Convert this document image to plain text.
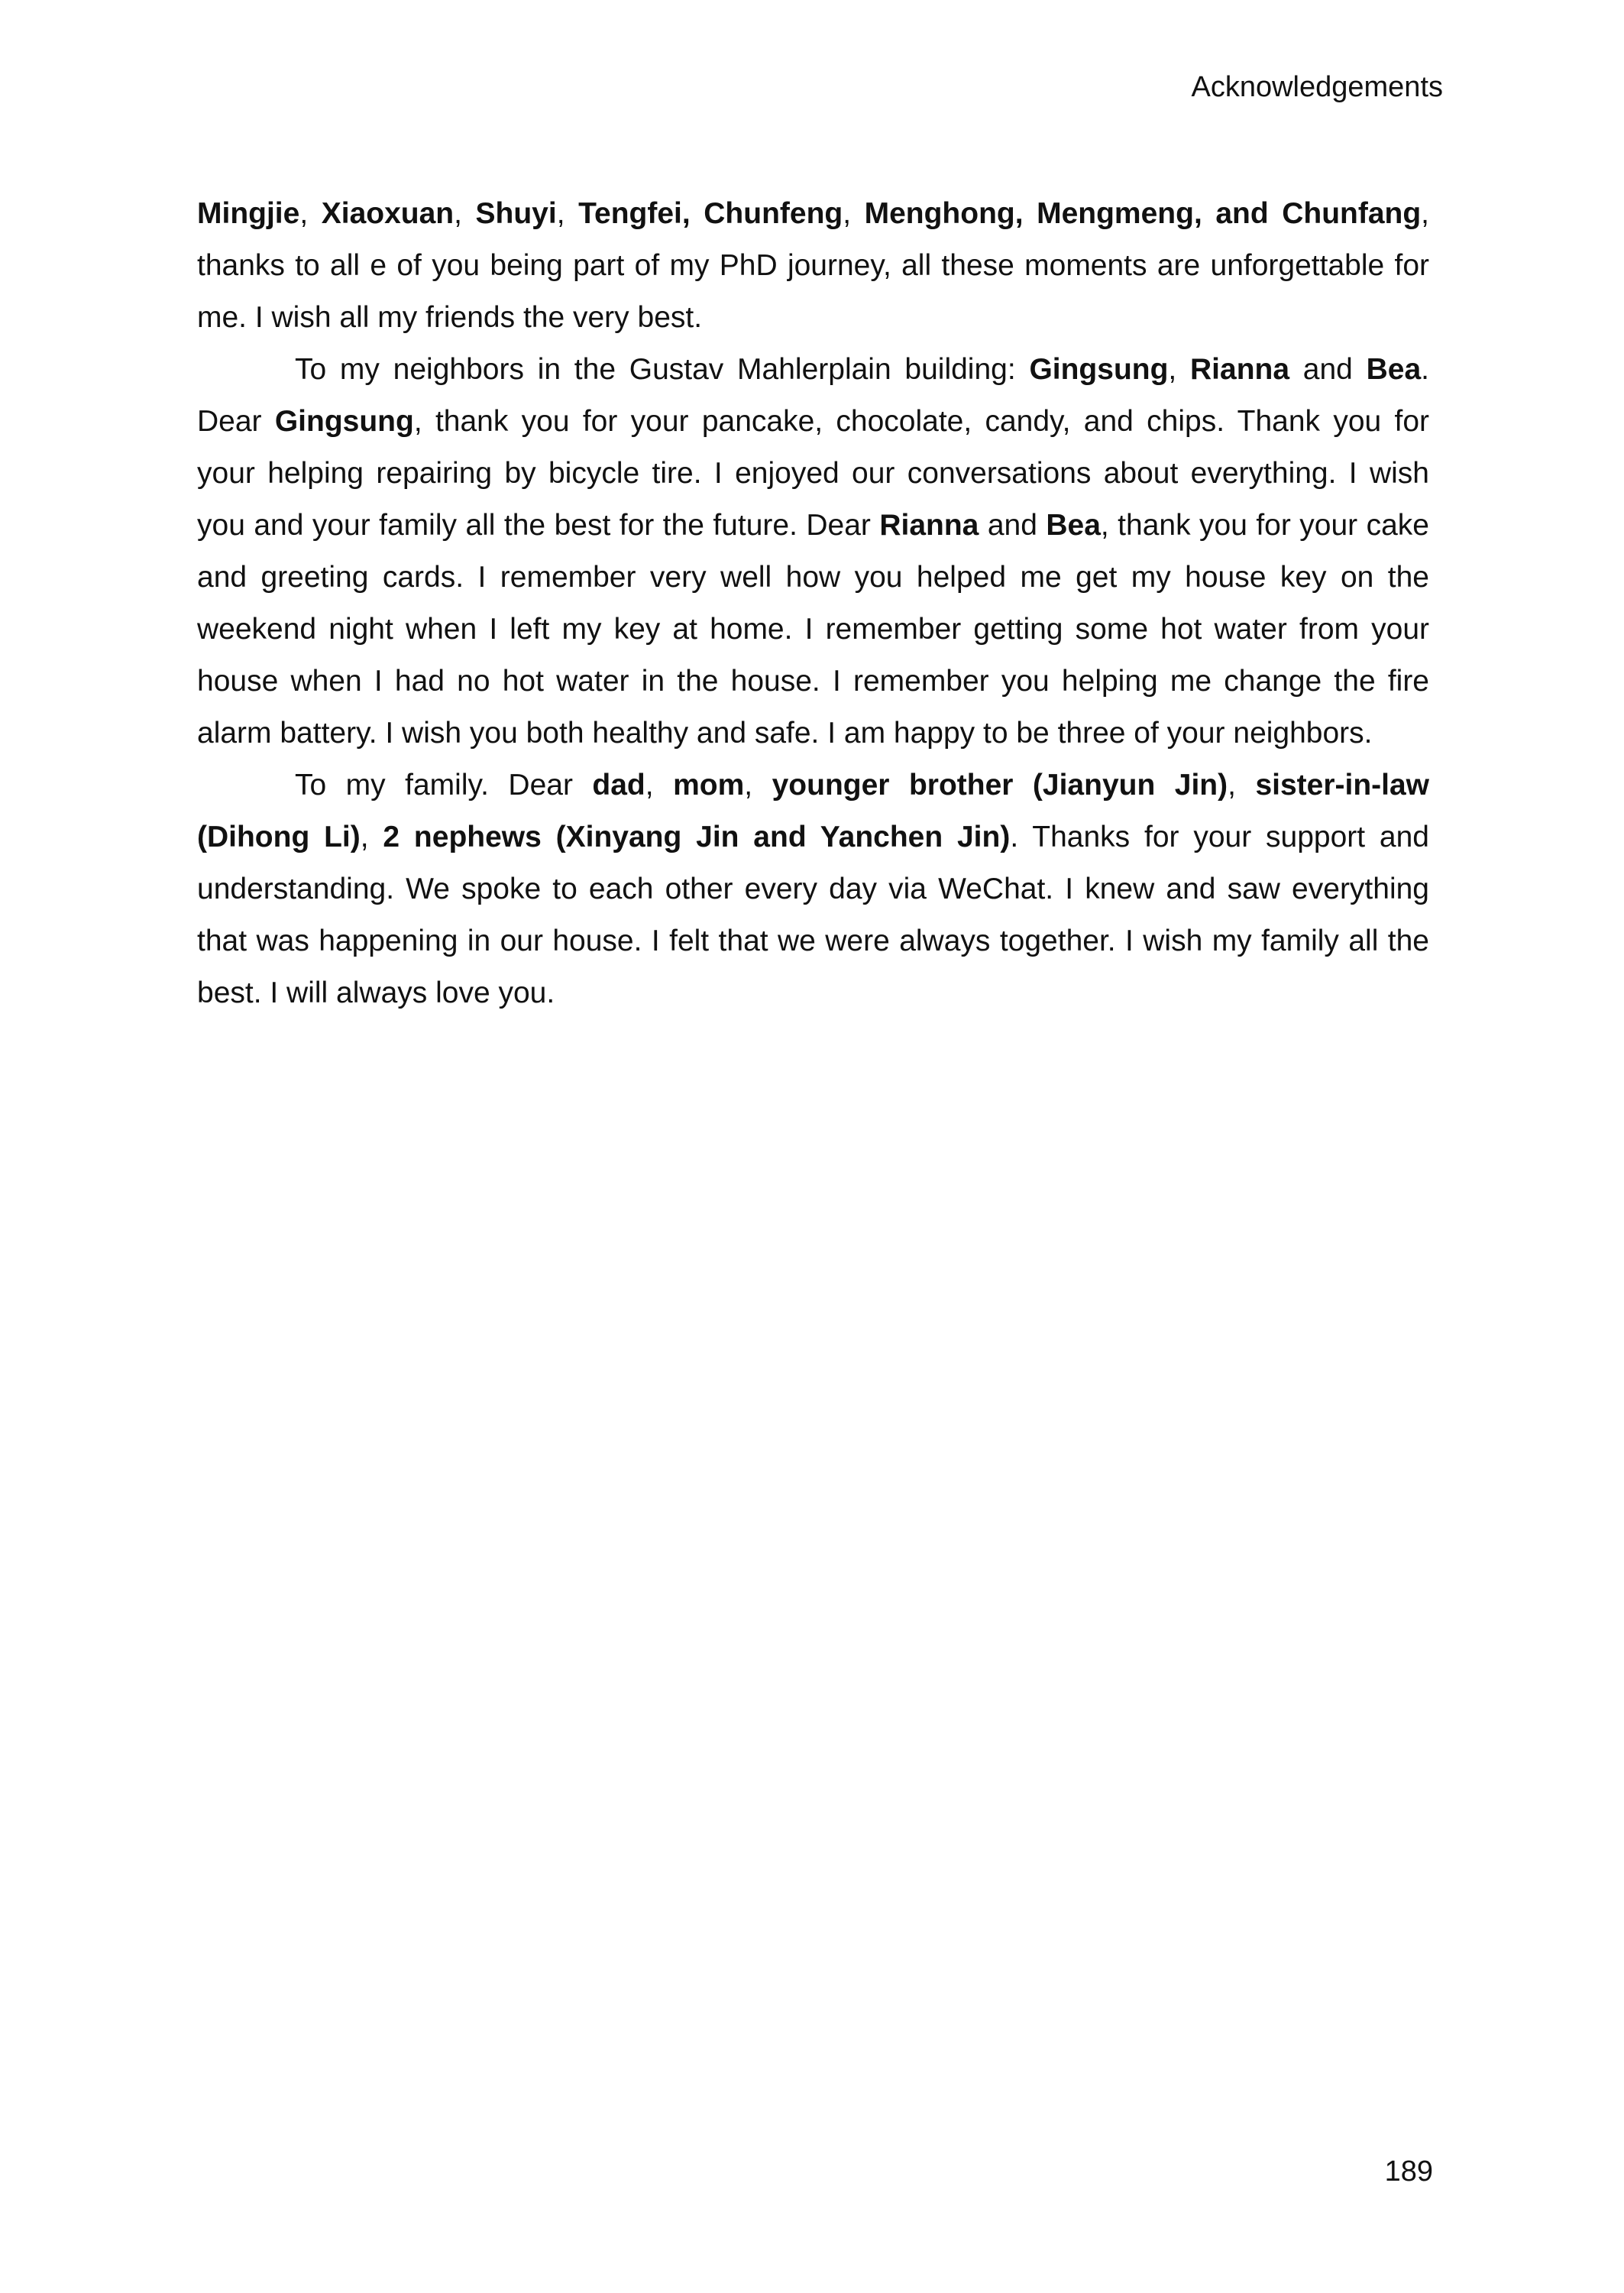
Acknowledgements

Mingjie, Xiaoxuan, Shuyi, Tengfei, Chunfeng, Menghong, Mengmeng, and Chunfang, thanks to all e of you being part of my PhD journey, all these moments are unforgettable for me. I wish all my friends the very best.

To my neighbors in the Gustav Mahlerplain building: Gingsung, Rianna and Bea. Dear Gingsung, thank you for your pancake, chocolate, candy, and chips. Thank you for your helping repairing by bicycle tire. I enjoyed our conversations about everything. I wish you and your family all the best for the future. Dear Rianna and Bea, thank you for your cake and greeting cards. I remember very well how you helped me get my house key on the weekend night when I left my key at home. I remember getting some hot water from your house when I had no hot water in the house. I remember you helping me change the fire alarm battery. I wish you both healthy and safe. I am happy to be three of your neighbors.

To my family. Dear dad, mom, younger brother (Jianyun Jin), sister-in-law (Dihong Li), 2 nephews (Xinyang Jin and Yanchen Jin). Thanks for your support and understanding. We spoke to each other every day via WeChat. I knew and saw everything that was happening in our house. I felt that we were always together. I wish my family all the best. I will always love you.

189
